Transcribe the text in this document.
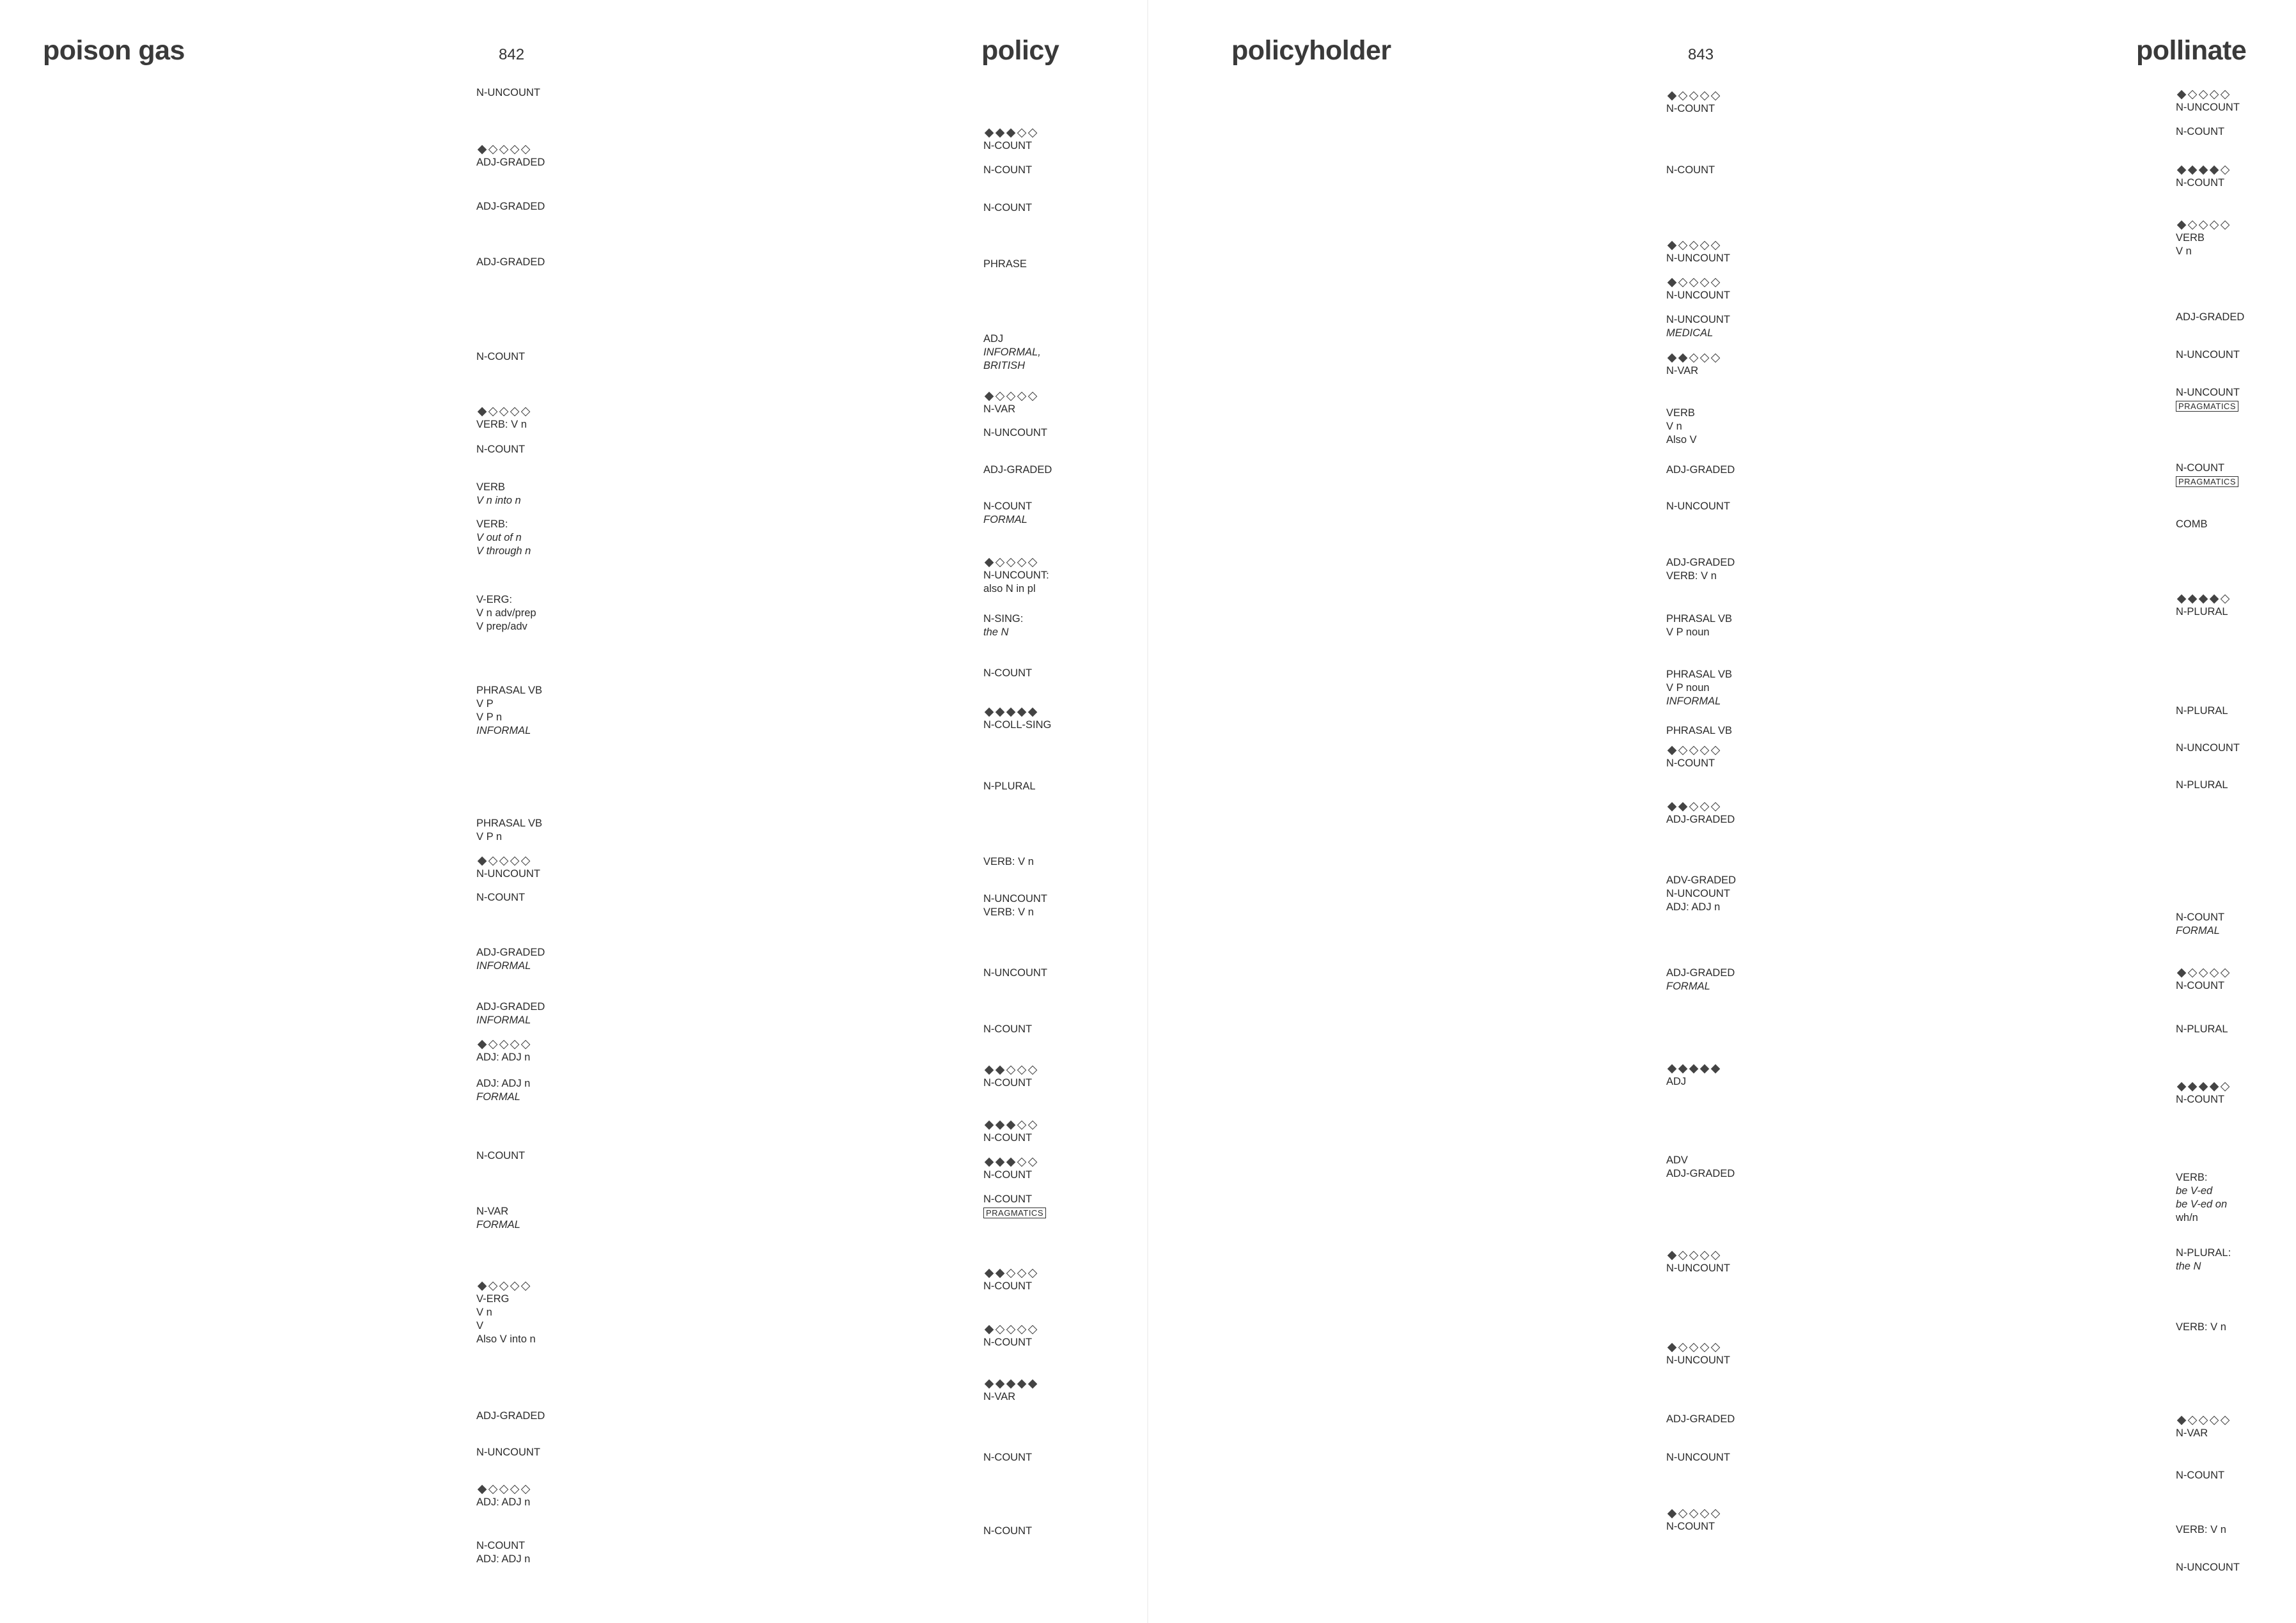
poison gas	842	policy
N-UNCOUNT
◆ ◇ ◇ ◇ ◇
ADJ-GRADED
ADJ-GRADED
ADJ-GRADED
N-COUNT
◆ ◇ ◇ ◇ ◇
VERB: V n
N-COUNT
VERB
V n into n
VERB:
V out of n
V through n
V-ERG:
V n adv/prep
V prep/adv
PHRASAL VB
V P
V P n
INFORMAL
PHRASAL VB
V P n
◆ ◇ ◇ ◇ ◇
N-UNCOUNT
N-COUNT
ADJ-GRADED
INFORMAL
ADJ-GRADED
INFORMAL
◆ ◇ ◇ ◇ ◇
ADJ: ADJ n
ADJ: ADJ n
FORMAL
N-COUNT
N-VAR
FORMAL
◆ ◇ ◇ ◇ ◇
V-ERG
V n
V
Also V into n
ADJ-GRADED
N-UNCOUNT
◆ ◇ ◇ ◇ ◇
ADJ: ADJ n
N-COUNT
ADJ: ADJ n
◆ ◆ ◆ ◇ ◇
N-COUNT
N-COUNT
N-COUNT
PHRASE
ADJ
INFORMAL,
BRITISH
◆ ◇ ◇ ◇ ◇
N-VAR
N-UNCOUNT
ADJ-GRADED
N-COUNT
FORMAL
◆ ◇ ◇ ◇ ◇
N-UNCOUNT:
also N in pl
N-SING:
the N
N-COUNT
◆ ◆ ◆ ◆ ◆
N-COLL-SING
N-PLURAL
VERB: V n
N-UNCOUNT
VERB: V n
N-UNCOUNT
N-COUNT
◆ ◆ ◇ ◇ ◇
N-COUNT
◆ ◆ ◆ ◇ ◇
N-COUNT
◆ ◆ ◆ ◇ ◇
N-COUNT
N-COUNT
PRAGMATICS
◆ ◆ ◇ ◇ ◇
N-COUNT
◆ ◇ ◇ ◇ ◇
N-COUNT
◆ ◆ ◆ ◆ ◆
N-VAR
N-COUNT
N-COUNT
policyholder	843	pollinate
◆ ◇ ◇ ◇ ◇
N-COUNT
N-COUNT
◆ ◇ ◇ ◇ ◇
N-UNCOUNT
◆ ◇ ◇ ◇ ◇
N-UNCOUNT
N-UNCOUNT
MEDICAL
◆ ◆ ◇ ◇ ◇
N-VAR
VERB
V n
Also V
ADJ-GRADED
N-UNCOUNT
ADJ-GRADED
VERB: V n
PHRASAL VB
V P noun
PHRASAL VB
V P noun
INFORMAL
PHRASAL VB
◆ ◇ ◇ ◇ ◇
N-COUNT
◆ ◆ ◇ ◇ ◇
ADJ-GRADED
ADV-GRADED
N-UNCOUNT
ADJ: ADJ n
ADJ-GRADED
FORMAL
◆ ◆ ◆ ◆ ◆
ADJ
ADV
ADJ-GRADED
◆ ◇ ◇ ◇ ◇
N-UNCOUNT
◆ ◇ ◇ ◇ ◇
N-UNCOUNT
ADJ-GRADED
N-UNCOUNT
◆ ◇ ◇ ◇ ◇
N-COUNT
◆ ◇ ◇ ◇ ◇
N-UNCOUNT
N-COUNT
◆ ◆ ◆ ◆ ◇
N-COUNT
◆ ◇ ◇ ◇ ◇
VERB
V n
ADJ-GRADED
N-UNCOUNT
N-UNCOUNT
PRAGMATICS
N-COUNT
PRAGMATICS
COMB
◆ ◆ ◆ ◆ ◇
N-PLURAL
N-PLURAL
N-UNCOUNT
N-PLURAL
N-COUNT
FORMAL
◆ ◇ ◇ ◇ ◇
N-COUNT
N-PLURAL
◆ ◆ ◆ ◆ ◇
N-COUNT
VERB:
be V-ed
be V-ed on
wh/n
N-PLURAL:
the N
VERB: V n
◆ ◇ ◇ ◇ ◇
N-VAR
N-COUNT
VERB: V n
N-UNCOUNT
